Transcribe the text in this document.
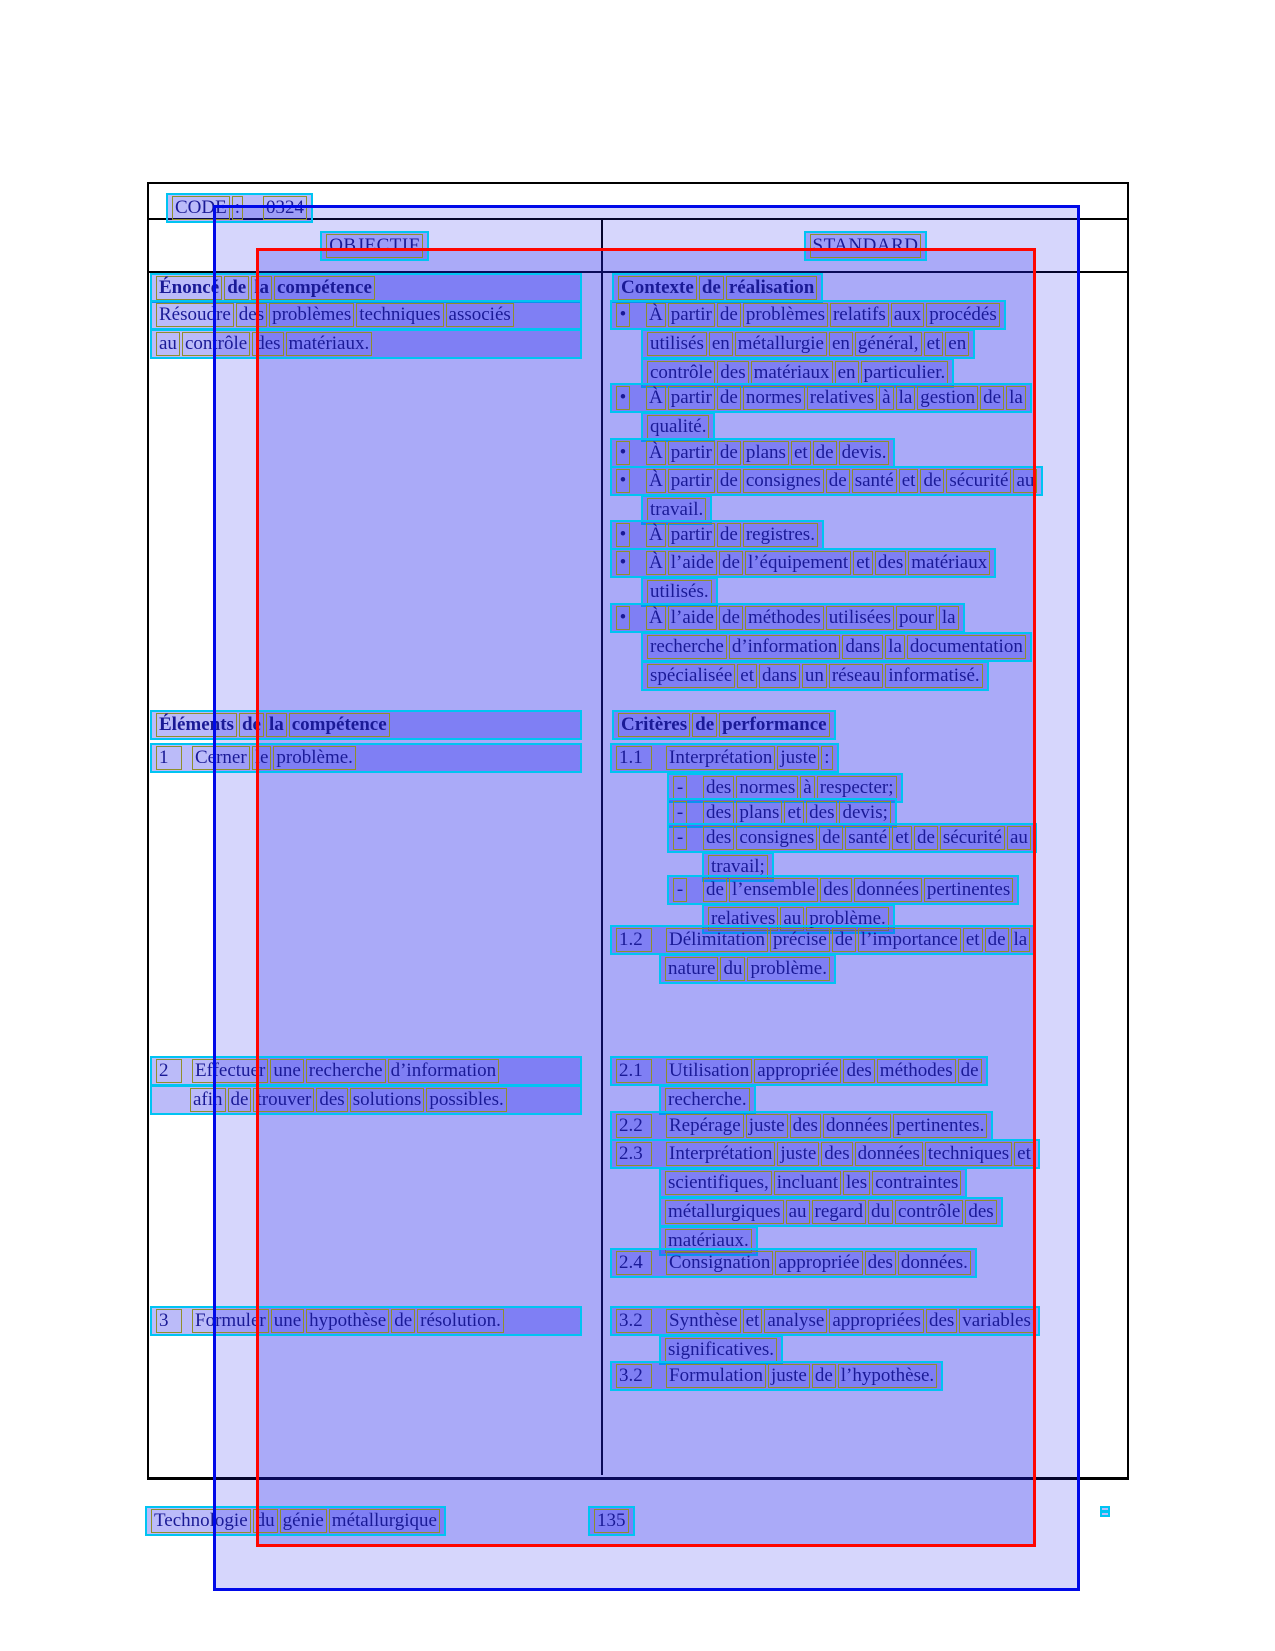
CODE : 0324
OBJECTIF	STANDARD
Énoncé de la compétence
Résoudre des problèmes techniques associés
au contrôle des matériaux.
Éléments de la compétence
1 Cerner le problème.
2 Effectuer une recherche d’information
afin de trouver des solutions possibles.
3 Formuler une hypothèse de résolution.
Contexte de réalisation
• À partir de problèmes relatifs aux procédés
utilisés en métallurgie en général, et en
contrôle des matériaux en particulier.
• À partir de normes relatives à la gestion de la
qualité.
• À partir de plans et de devis.
• À partir de consignes de santé et de sécurité au
travail.
• À partir de registres.
• À l’aide de l’équipement et des matériaux
utilisés.
• À l’aide de méthodes utilisées pour la
recherche d’information dans la documentation
spécialisée et dans un réseau informatisé.
Critères de performance
1.1 Interprétation juste :
- des normes à respecter;
- des plans et des devis;
- des consignes de santé et de sécurité au
travail;
- de l’ensemble des données pertinentes
relatives au problème.
1.2 Délimitation précise de l’importance et de la
nature du problème.
2.1 Utilisation appropriée des méthodes de
recherche.
2.2 Repérage juste des données pertinentes.
2.3 Interprétation juste des données techniques et
scientifiques, incluant les contraintes
métallurgiques au regard du contrôle des
matériaux.
2.4 Consignation appropriée des données.
3.2 Synthèse et analyse appropriées des variables
significatives.
3.2 Formulation juste de l’hypothèse.
Technologie du génie métallurgique	135
